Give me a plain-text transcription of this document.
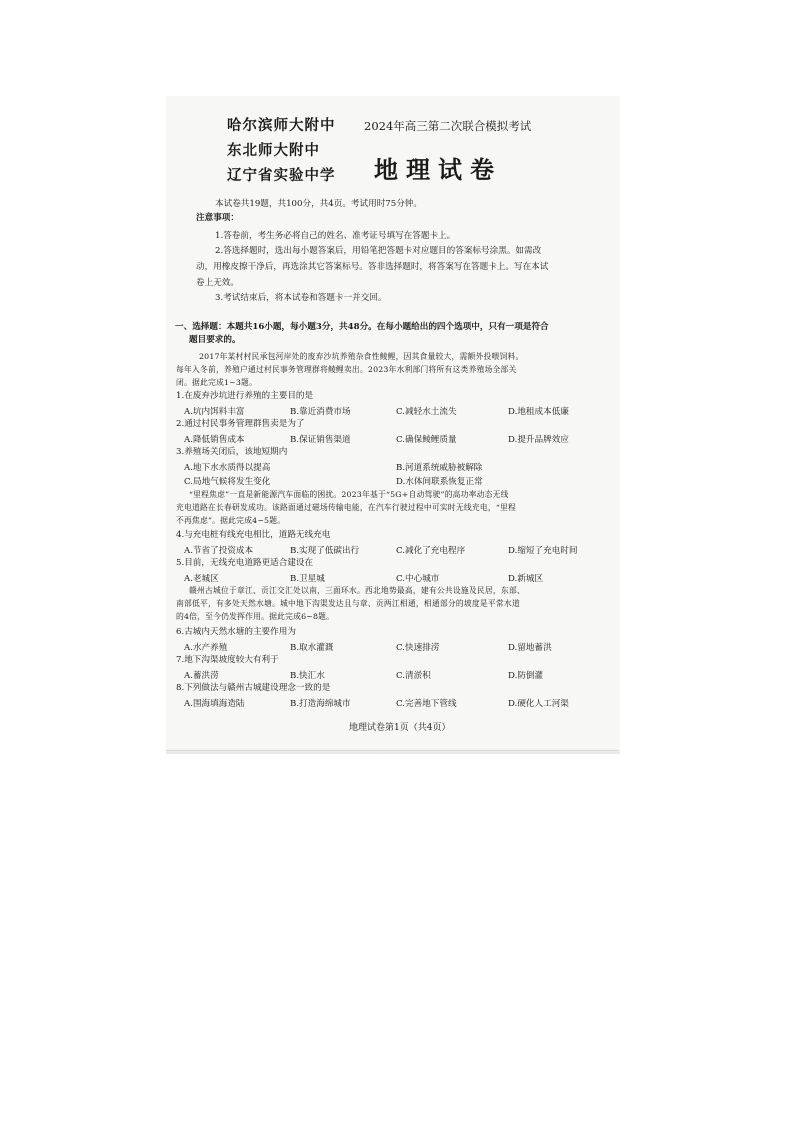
哈尔滨师大附中
东北师大附中
辽宁省实验中学
2024年高三第二次联合模拟考试
地理试卷
本试卷共19题，共100分，共4页。考试用时75分钟。
注意事项：
1.答卷前，考生务必将自己的姓名、准考证号填写在答题卡上。
2.答选择题时，选出每小题答案后，用铅笔把答题卡对应题目的答案标号涂黑。如需改
动，用橡皮擦干净后，再选涂其它答案标号。答非选择题时，将答案写在答题卡上。写在本试
卷上无效。
3.考试结束后，将本试卷和答题卡一并交回。
一、选择题：本题共16小题，每小题3分，共48分。在每小题给出的四个选项中，只有一项是符合
题目要求的。
2017年某村村民承包河岸处的废弃沙坑养殖杂食性鲮鲤，因其食量较大，需额外投喂饲料。
每年入冬前，养殖户通过村民事务管理群将鲮鲤卖出。2023年水利部门将所有这类养殖场全部关
闭。据此完成1~3题。
1.在废弃沙坑进行养殖的主要目的是
A.坑内饵料丰富	B.靠近消费市场	C.减轻水土流失	D.地租成本低廉
2.通过村民事务管理群售卖是为了
A.降低销售成本	B.保证销售渠道	C.确保鲮鲤质量	D.提升品牌效应
3.养殖场关闭后，该地短期内
A.地下水水质得以提高	B.河道系统威胁被解除
C.局地气候将发生变化	D.水体间联系恢复正常
“里程焦虑”一直是新能源汽车面临的困扰。2023年基于“5G+自动驾驶”的高功率动态无线
充电道路在长春研发成功。该路面通过磁场传输电能，在汽车行驶过程中可实时无线充电，“里程
不再焦虑”。据此完成4~5题。
4.与充电桩有线充电相比，道路无线充电
A.节省了投资成本	B.实现了低碳出行	C.减化了充电程序	D.缩短了充电时间
5.目前，无线充电道路更适合建设在
A.老城区	B.卫星城	C.中心城市	D.新城区
赣州古城位于章江、贡江交汇处以南，三面环水。西北地势最高，建有公共设施及民居，东部、
南部低平，有多处天然水塘。城中地下沟渠发达且与章、贡两江相通，相通部分的坡度是平常水道
的4倍，至今仍发挥作用。据此完成6~8题。
6.古城内天然水塘的主要作用为
A.水产养殖	B.取水灌溉	C.快速排涝	D.留地蓄洪
7.地下沟渠坡度较大有利于
A.蓄洪涝	B.快汇水	C.清淤积	D.防倒灌
8.下列做法与赣州古城建设理念一致的是
A.围海填海造陆	B.打造海绵城市	C.完善地下管线	D.硬化人工河渠
地理试卷第1页（共4页）
